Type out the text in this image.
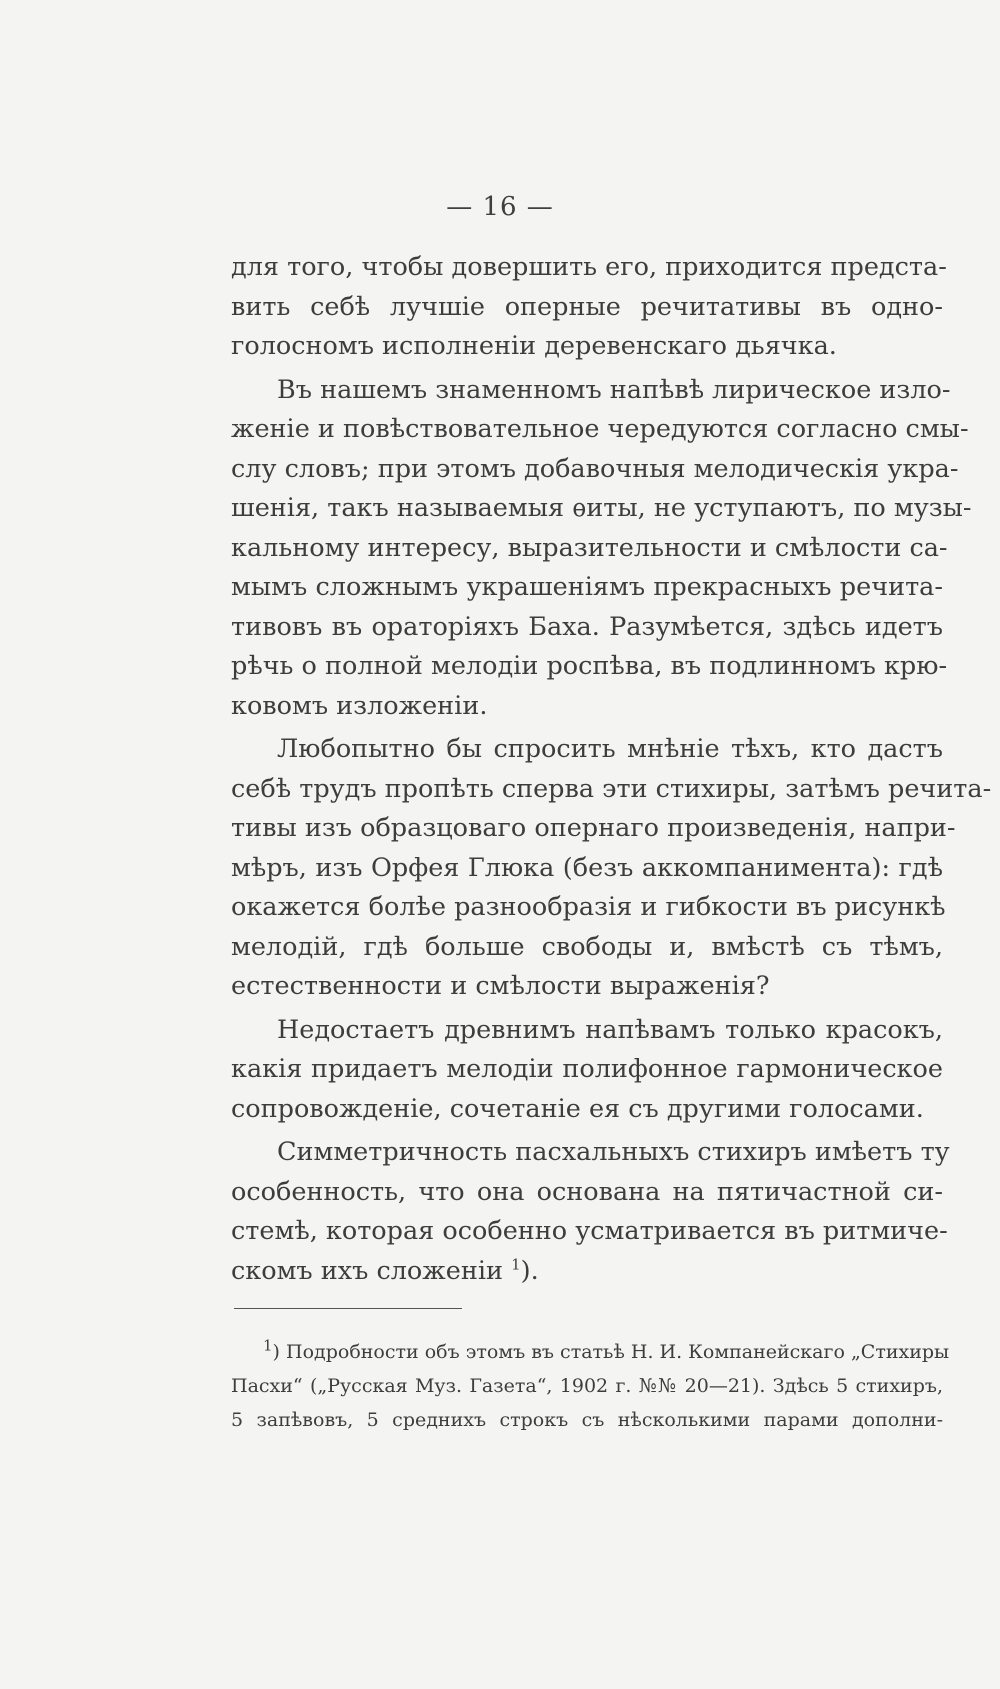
— 16 —
для того, чтобы довершить его, приходится предста-
вить себѣ лучшіе оперные речитативы въ одно-
голосномъ исполненіи деревенскаго дьячка.
Въ нашемъ знаменномъ напѣвѣ лирическое изло-
женіе и повѣствовательное чередуются согласно смы-
слу словъ; при этомъ добавочныя мелодическія укра-
шенія, такъ называемыя ѳиты, не уступаютъ, по музы-
кальному интересу, выразительности и смѣлости са-
мымъ сложнымъ украшеніямъ прекрасныхъ речита-
тивовъ въ ораторіяхъ Баха. Разумѣется, здѣсь идетъ
рѣчь о полной мелодіи роспѣва, въ подлинномъ крю-
ковомъ изложеніи.
Любопытно бы спросить мнѣніе тѣхъ, кто дастъ
себѣ трудъ пропѣть сперва эти стихиры, затѣмъ речита-
тивы изъ образцоваго опернаго произведенія, напри-
мѣръ, изъ Орфея Глюка (безъ аккомпанимента): гдѣ
окажется болѣе разнообразія и гибкости въ рисункѣ
мелодій, гдѣ больше свободы и, вмѣстѣ съ тѣмъ,
естественности и смѣлости выраженія?
Недостаетъ древнимъ напѣвамъ только красокъ,
какія придаетъ мелодіи полифонное гармоническое
сопровожденіе, сочетаніе ея съ другими голосами.
Симметричность пасхальныхъ стихиръ имѣетъ ту
особенность, что она основана на пятичастной си-
стемѣ, которая особенно усматривается въ ритмиче-
скомъ ихъ сложеніи $^1$).
$^1$) Подробности объ этомъ въ статьѣ Н. И. Компанейскаго „Стихиры
Пасхи“ („Русская Муз. Газета“, 1902 г. №№ 20—21). Здѣсь 5 стихиръ,
5 запѣвовъ, 5 среднихъ строкъ съ нѣсколькими парами дополни-
